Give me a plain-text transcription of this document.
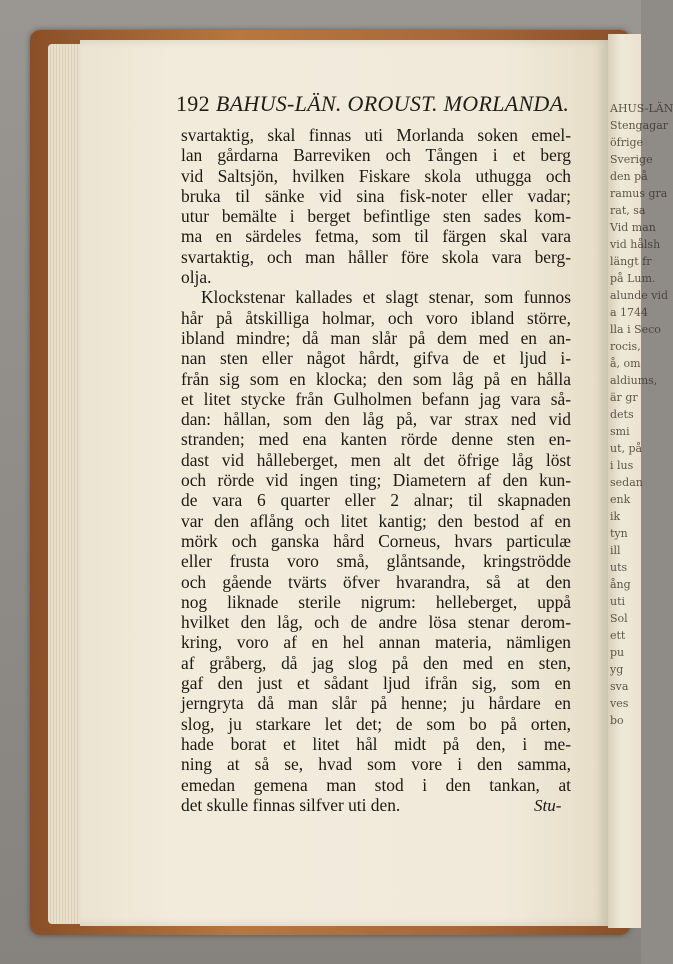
AHUS-LÄN
Stengagar
öfrige
Sverige
den på
ramus gra
rat, sa
Vid man
vid hålsh
längt fr
på Lum.
alunde vid
a 1744
lla i Seco
rocis,
å, om
aldiums,
är gr
dets
smi
ut, på
i lus
sedan
enk
ik
tyn
ill
uts
ång
uti
Sol
ett
pu
yg
sva
ves
bo
192 BAHUS-LÄN. OROUST. MORLANDA.
svartaktig, skal finnas uti Morlanda soken emel-
lan gårdarna Barreviken och Tången i et berg
vid Saltsjön, hvilken Fiskare skola uthugga och
bruka til sänke vid sina fisk-noter eller vadar;
utur bemälte i berget befintlige sten sades kom-
ma en särdeles fetma, som til färgen skal vara
svartaktig, och man håller före skola vara berg-
olja.
Klockstenar kallades et slagt stenar, som funnos
hår på åtskilliga holmar, och voro ibland större,
ibland mindre; då man slår på dem med en an-
nan sten eller något hårdt, gifva de et ljud i-
från sig som en klocka; den som låg på en hålla
et litet stycke från Gulholmen befann jag vara så-
dan: hållan, som den låg på, var strax ned vid
stranden; med ena kanten rörde denne sten en-
dast vid hålleberget, men alt det öfrige låg löst
och rörde vid ingen ting; Diametern af den kun-
de vara 6 quarter eller 2 alnar; til skapnaden
var den aflång och litet kantig; den bestod af en
mörk och ganska hård Corneus, hvars particulæ
eller frusta voro små, glåntsande, kringströdde
och gående tvärts öfver hvarandra, så at den
nog liknade sterile nigrum: helleberget, uppå
hvilket den låg, och de andre lösa stenar derom-
kring, voro af en hel annan materia, nämligen
af gråberg, då jag slog på den med en sten,
gaf den just et sådant ljud ifrån sig, som en
jerngryta då man slår på henne; ju hårdare en
slog, ju starkare let det; de som bo på orten,
hade borat et litet hål midt på den, i me-
ning at så se, hvad som vore i den samma,
emedan gemena man stod i den tankan, at
det skulle finnas silfver uti den.	Stu-
